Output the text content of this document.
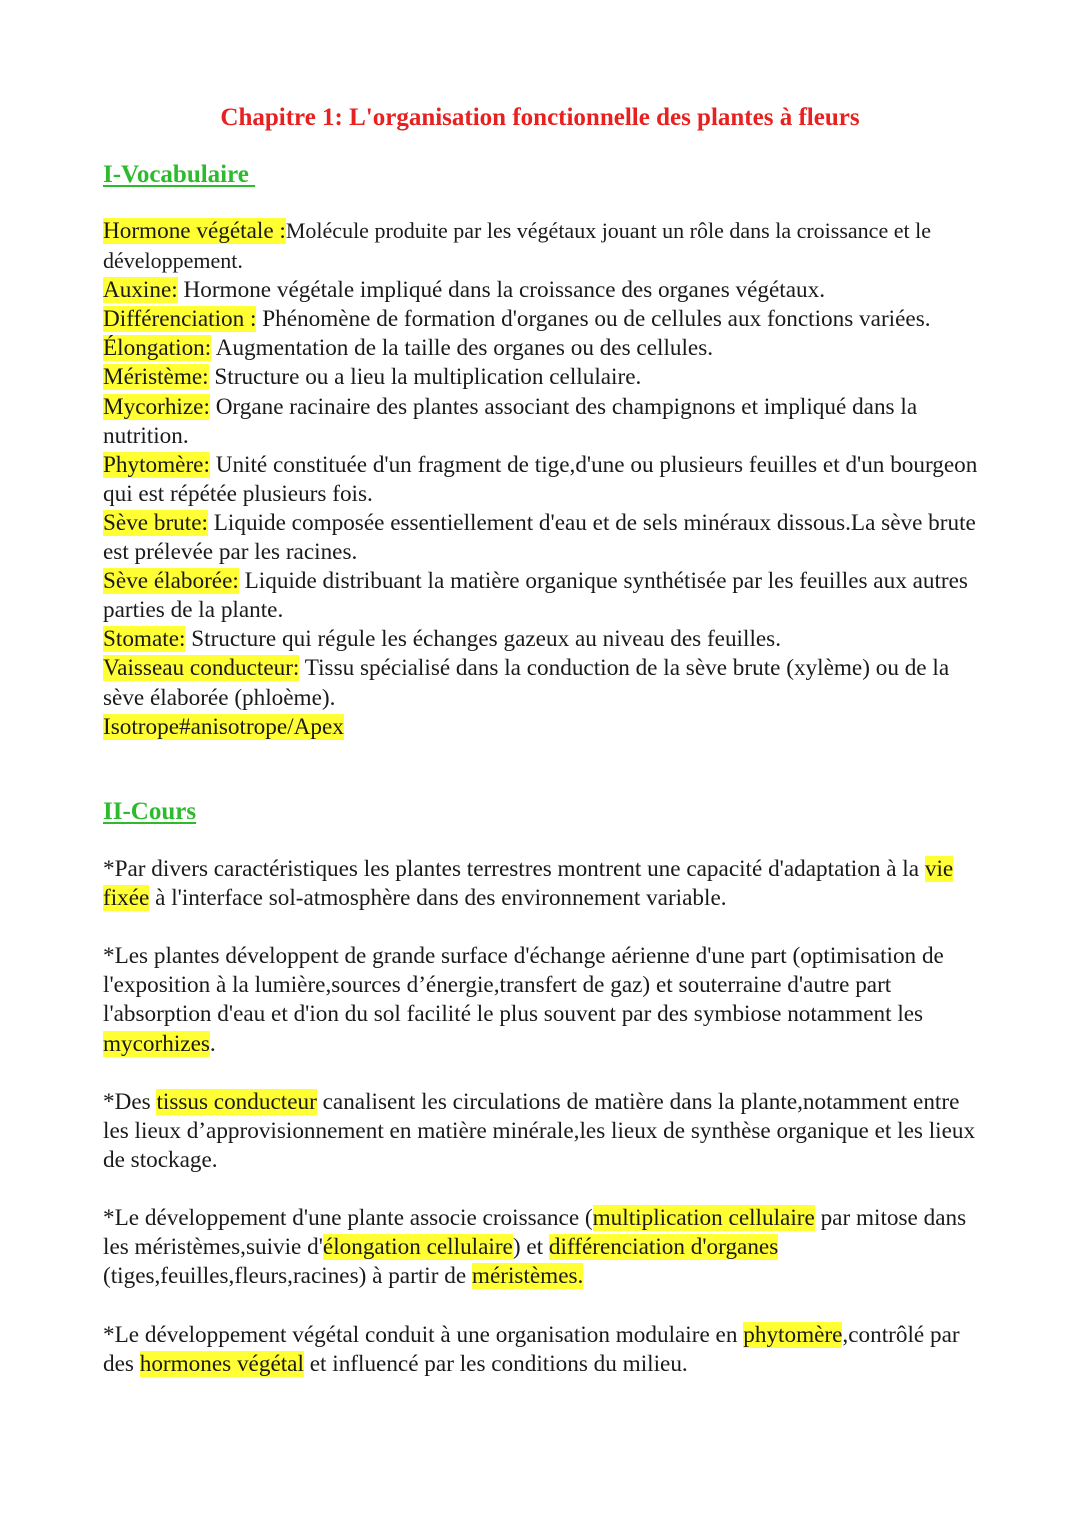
Chapitre 1: L'organisation fonctionnelle des plantes à fleurs
I-Vocabulaire

Hormone végétale :Molécule produite par les végétaux jouant un rôle dans la croissance et le développement.

Auxine: Hormone végétale impliqué dans la croissance des organes végétaux.

Différenciation : Phénomène de formation d'organes ou de cellules aux fonctions variées.

Élongation: Augmentation de la taille des organes ou des cellules.

Méristème: Structure ou a lieu la multiplication cellulaire.

Mycorhize: Organe racinaire des plantes associant des champignons et impliqué dans la nutrition.

Phytomère: Unité constituée d'un fragment de tige,d'une ou plusieurs feuilles et d'un bourgeon qui est répétée plusieurs fois.

Sève brute: Liquide composée essentiellement d'eau et de sels minéraux dissous.La sève brute est prélevée par les racines.

Sève élaborée: Liquide distribuant la matière organique synthétisée par les feuilles aux autres parties de la plante.

Stomate: Structure qui régule les échanges gazeux au niveau des feuilles.

Vaisseau conducteur: Tissu spécialisé dans la conduction de la sève brute (xylème) ou de la sève élaborée (phloème).

Isotrope#anisotrope/Apex

II-Cours

*Par divers caractéristiques les plantes terrestres montrent une capacité d'adaptation à la vie fixée à l'interface sol-atmosphère dans des environnement variable.

*Les plantes développent de grande surface d'échange aérienne d'une part (optimisation de l'exposition à la lumière,sources d’énergie,transfert de gaz) et souterraine d'autre part l'absorption d'eau et d'ion du sol facilité le plus souvent par des symbiose notamment les mycorhizes.

*Des tissus conducteur canalisent les circulations de matière dans la plante,notamment entre les lieux d’approvisionnement en matière minérale,les lieux de synthèse organique et les lieux de stockage.

*Le développement d'une plante associe croissance (multiplication cellulaire par mitose dans les méristèmes,suivie d'élongation cellulaire) et différenciation d'organes (tiges,feuilles,fleurs,racines) à partir de méristèmes.

*Le développement végétal conduit à une organisation modulaire en phytomère,contrôlé par des hormones végétal et influencé par les conditions du milieu.
